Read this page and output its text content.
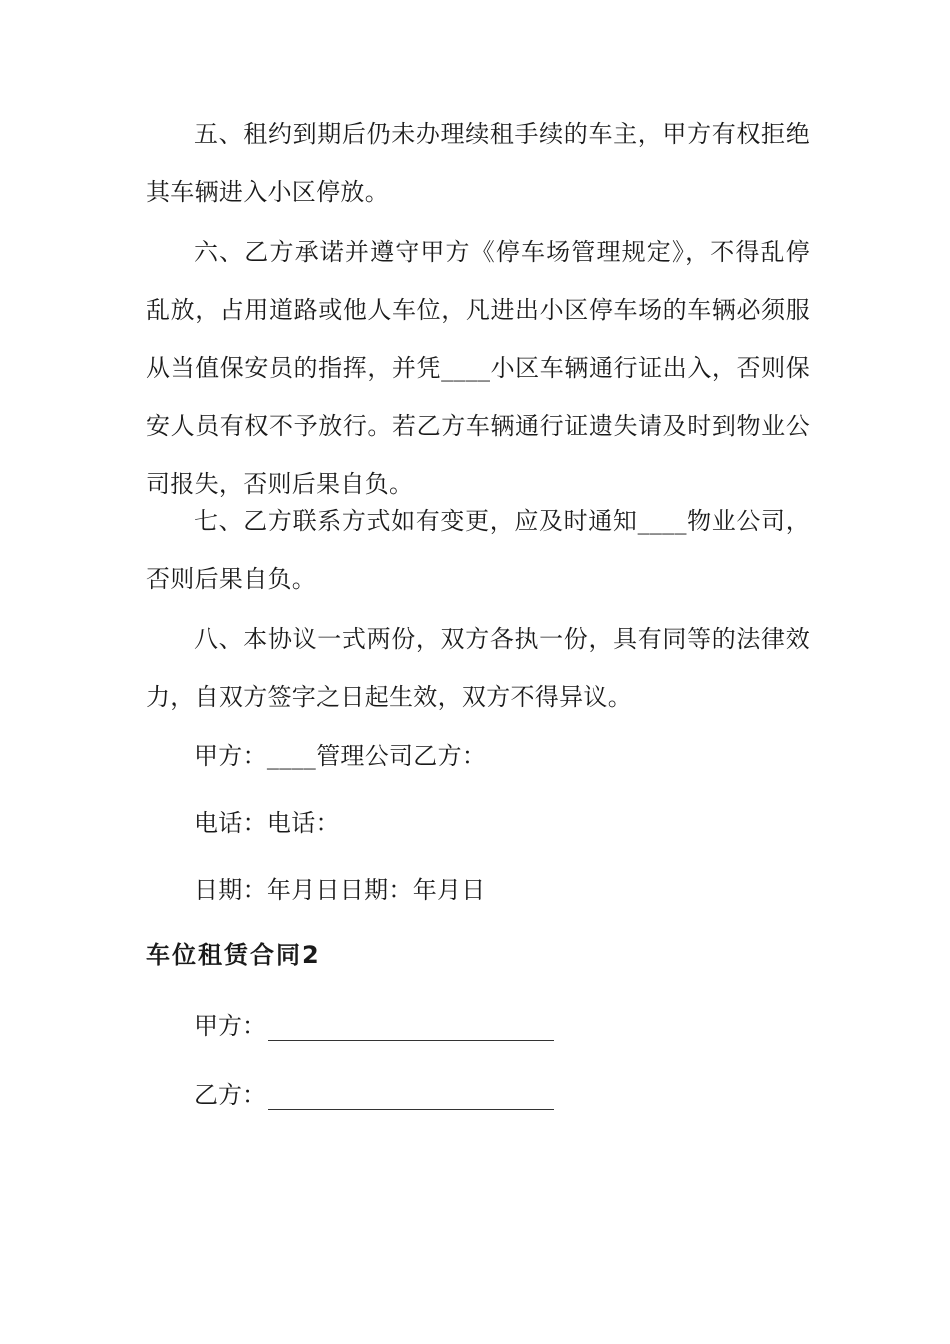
五、租约到期后仍未办理续租手续的车主，甲方有权拒绝其车辆进入小区停放。

六、乙方承诺并遵守甲方《停车场管理规定》，不得乱停乱放，占用道路或他人车位，凡进出小区停车场的车辆必须服从当值保安员的指挥，并凭____小区车辆通行证出入，否则保安人员有权不予放行。若乙方车辆通行证遗失请及时到物业公司报失，否则后果自负。

七、乙方联系方式如有变更，应及时通知____物业公司，否则后果自负。

八、本协议一式两份，双方各执一份，具有同等的法律效力，自双方签字之日起生效，双方不得异议。

甲方：____管理公司乙方：

电话：电话：

日期：年月日日期：年月日

车位租赁合同2
甲方：
乙方：
